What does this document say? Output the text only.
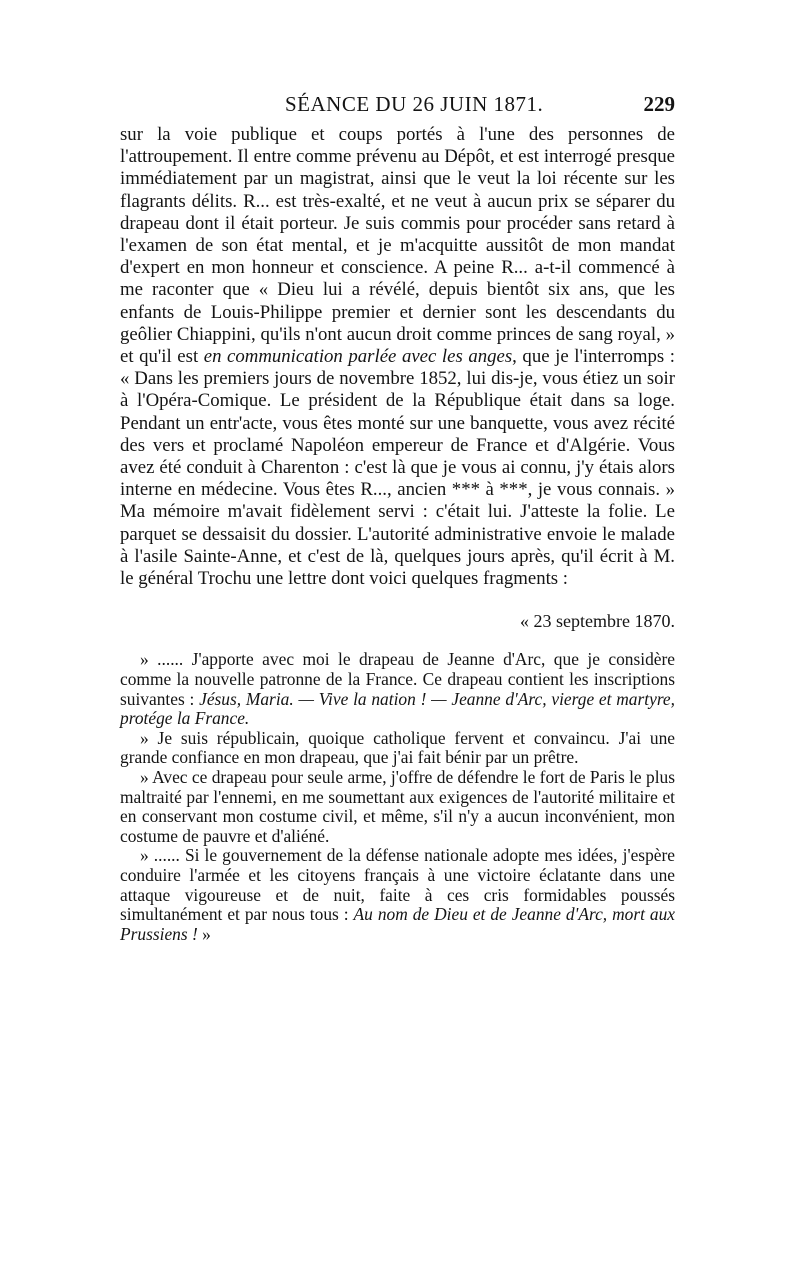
SÉANCE DU 26 JUIN 1871.	229

sur la voie publique et coups portés à l'une des personnes de l'attroupement. Il entre comme prévenu au Dépôt, et est interrogé presque immédiatement par un magistrat, ainsi que le veut la loi récente sur les flagrants délits. R... est très-exalté, et ne veut à aucun prix se séparer du drapeau dont il était porteur. Je suis commis pour procéder sans retard à l'examen de son état mental, et je m'acquitte aussitôt de mon mandat d'expert en mon honneur et conscience. A peine R... a-t-il commencé à me raconter que « Dieu lui a révélé, depuis bientôt six ans, que les enfants de Louis-Philippe premier et dernier sont les descendants du geôlier Chiappini, qu'ils n'ont aucun droit comme princes de sang royal, » et qu'il est en communication parlée avec les anges, que je l'interromps : « Dans les premiers jours de novembre 1852, lui dis-je, vous étiez un soir à l'Opéra-Comique. Le président de la République était dans sa loge. Pendant un entr'acte, vous êtes monté sur une banquette, vous avez récité des vers et proclamé Napoléon empereur de France et d'Algérie. Vous avez été conduit à Charenton : c'est là que je vous ai connu, j'y étais alors interne en médecine. Vous êtes R..., ancien *** à ***, je vous connais. » Ma mémoire m'avait fidèlement servi : c'était lui. J'atteste la folie. Le parquet se dessaisit du dossier. L'autorité administrative envoie le malade à l'asile Sainte-Anne, et c'est de là, quelques jours après, qu'il écrit à M. le général Trochu une lettre dont voici quelques fragments :

« 23 septembre 1870.

» ...... J'apporte avec moi le drapeau de Jeanne d'Arc, que je considère comme la nouvelle patronne de la France. Ce drapeau contient les inscriptions suivantes : Jésus, Maria. — Vive la nation ! — Jeanne d'Arc, vierge et martyre, protége la France.

» Je suis républicain, quoique catholique fervent et convaincu. J'ai une grande confiance en mon drapeau, que j'ai fait bénir par un prêtre.

» Avec ce drapeau pour seule arme, j'offre de défendre le fort de Paris le plus maltraité par l'ennemi, en me soumettant aux exigences de l'autorité militaire et en conservant mon costume civil, et même, s'il n'y a aucun inconvénient, mon costume de pauvre et d'aliéné.

» ...... Si le gouvernement de la défense nationale adopte mes idées, j'espère conduire l'armée et les citoyens français à une victoire éclatante dans une attaque vigoureuse et de nuit, faite à ces cris formidables poussés simultanément et par nous tous : Au nom de Dieu et de Jeanne d'Arc, mort aux Prussiens ! »
